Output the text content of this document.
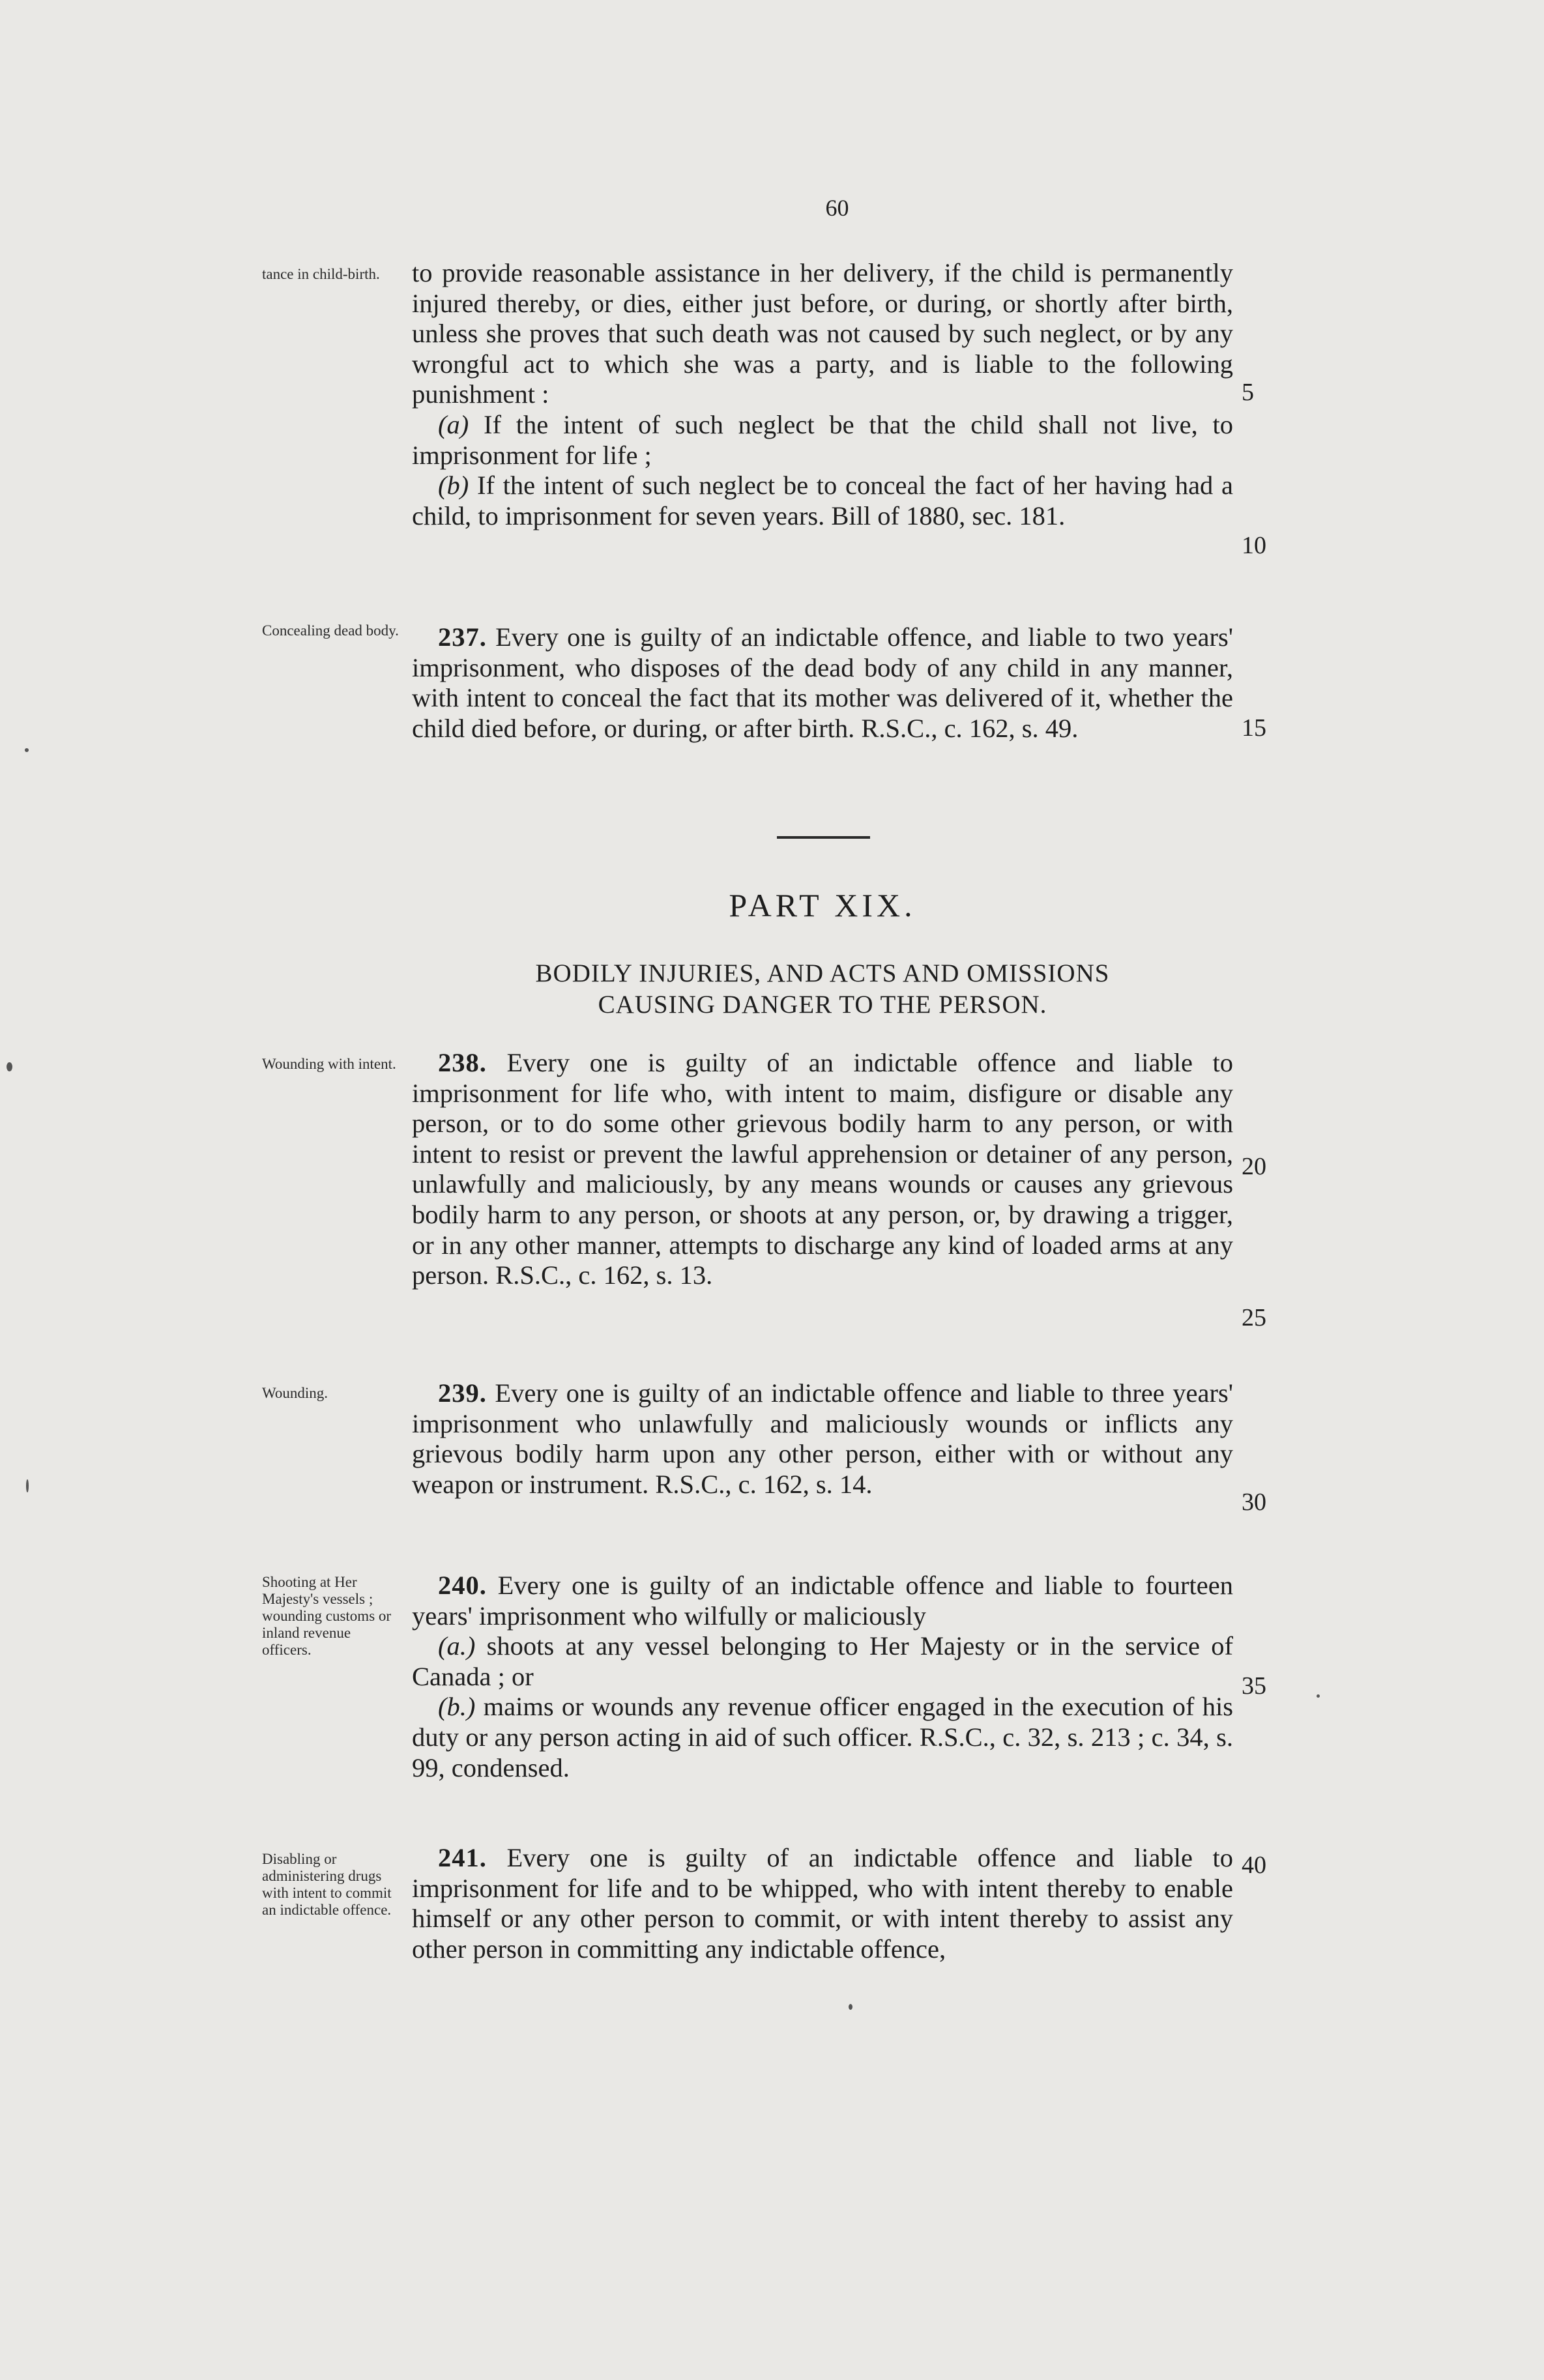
60
tance in child-birth.
Concealing dead body.
Wounding with intent.
Wounding.
Shooting at Her Majesty's vessels ; wounding customs or inland revenue officers.
Disabling or administering drugs with intent to commit an indictable offence.

to provide reasonable assistance in her delivery, if the child is permanently injured thereby, or dies, either just before, or during, or shortly after birth, unless she proves that such death was not caused by such neglect, or by any wrongful act to which she was a party, and is liable to the following punishment :

(a) If the intent of such neglect be that the child shall not live, to imprisonment for life ;

(b) If the intent of such neglect be to conceal the fact of her having had a child, to imprisonment for seven years. Bill of 1880, sec. 181.

237. Every one is guilty of an indictable offence, and liable to two years' imprisonment, who disposes of the dead body of any child in any manner, with intent to conceal the fact that its mother was delivered of it, whether the child died before, or during, or after birth. R.S.C., c. 162, s. 49.

PART XIX.
BODILY INJURIES, AND ACTS AND OMISSIONS
CAUSING DANGER TO THE PERSON.

238. Every one is guilty of an indictable offence and liable to imprisonment for life who, with intent to maim, disfigure or disable any person, or to do some other grievous bodily harm to any person, or with intent to resist or prevent the lawful apprehension or detainer of any person, unlawfully and maliciously, by any means wounds or causes any grievous bodily harm to any person, or shoots at any person, or, by drawing a trigger, or in any other manner, attempts to discharge any kind of loaded arms at any person. R.S.C., c. 162, s. 13.

239. Every one is guilty of an indictable offence and liable to three years' imprisonment who unlawfully and maliciously wounds or inflicts any grievous bodily harm upon any other person, either with or without any weapon or instrument. R.S.C., c. 162, s. 14.

240. Every one is guilty of an indictable offence and liable to fourteen years' imprisonment who wilfully or maliciously

(a.) shoots at any vessel belonging to Her Majesty or in the service of Canada ; or

(b.) maims or wounds any revenue officer engaged in the execution of his duty or any person acting in aid of such officer. R.S.C., c. 32, s. 213 ; c. 34, s. 99, condensed.

241. Every one is guilty of an indictable offence and liable to imprisonment for life and to be whipped, who with intent thereby to enable himself or any other person to commit, or with intent thereby to assist any other person in committing any indictable offence,

5
10
15
20
25
30
35
40
